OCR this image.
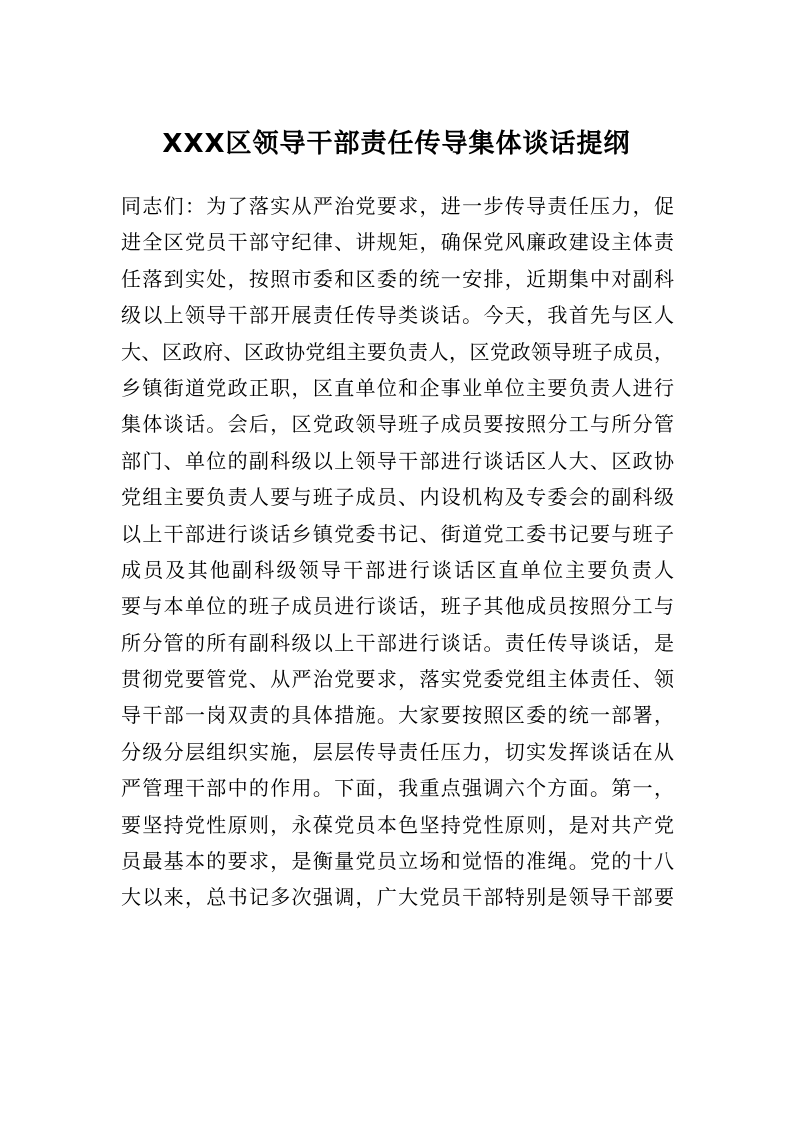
XXX区领导干部责任传导集体谈话提纲
同志们：为了落实从严治党要求，进一步传导责任压力，促
进全区党员干部守纪律、讲规矩，确保党风廉政建设主体责
任落到实处，按照市委和区委的统一安排，近期集中对副科
级以上领导干部开展责任传导类谈话。今天，我首先与区人
大、区政府、区政协党组主要负责人，区党政领导班子成员，
乡镇街道党政正职，区直单位和企事业单位主要负责人进行
集体谈话。会后，区党政领导班子成员要按照分工与所分管
部门、单位的副科级以上领导干部进行谈话区人大、区政协
党组主要负责人要与班子成员、内设机构及专委会的副科级
以上干部进行谈话乡镇党委书记、街道党工委书记要与班子
成员及其他副科级领导干部进行谈话区直单位主要负责人
要与本单位的班子成员进行谈话，班子其他成员按照分工与
所分管的所有副科级以上干部进行谈话。责任传导谈话，是
贯彻党要管党、从严治党要求，落实党委党组主体责任、领
导干部一岗双责的具体措施。大家要按照区委的统一部署，
分级分层组织实施，层层传导责任压力，切实发挥谈话在从
严管理干部中的作用。下面，我重点强调六个方面。第一，
要坚持党性原则，永葆党员本色坚持党性原则，是对共产党
员最基本的要求，是衡量党员立场和觉悟的准绳。党的十八
大以来，总书记多次强调，广大党员干部特别是领导干部要
